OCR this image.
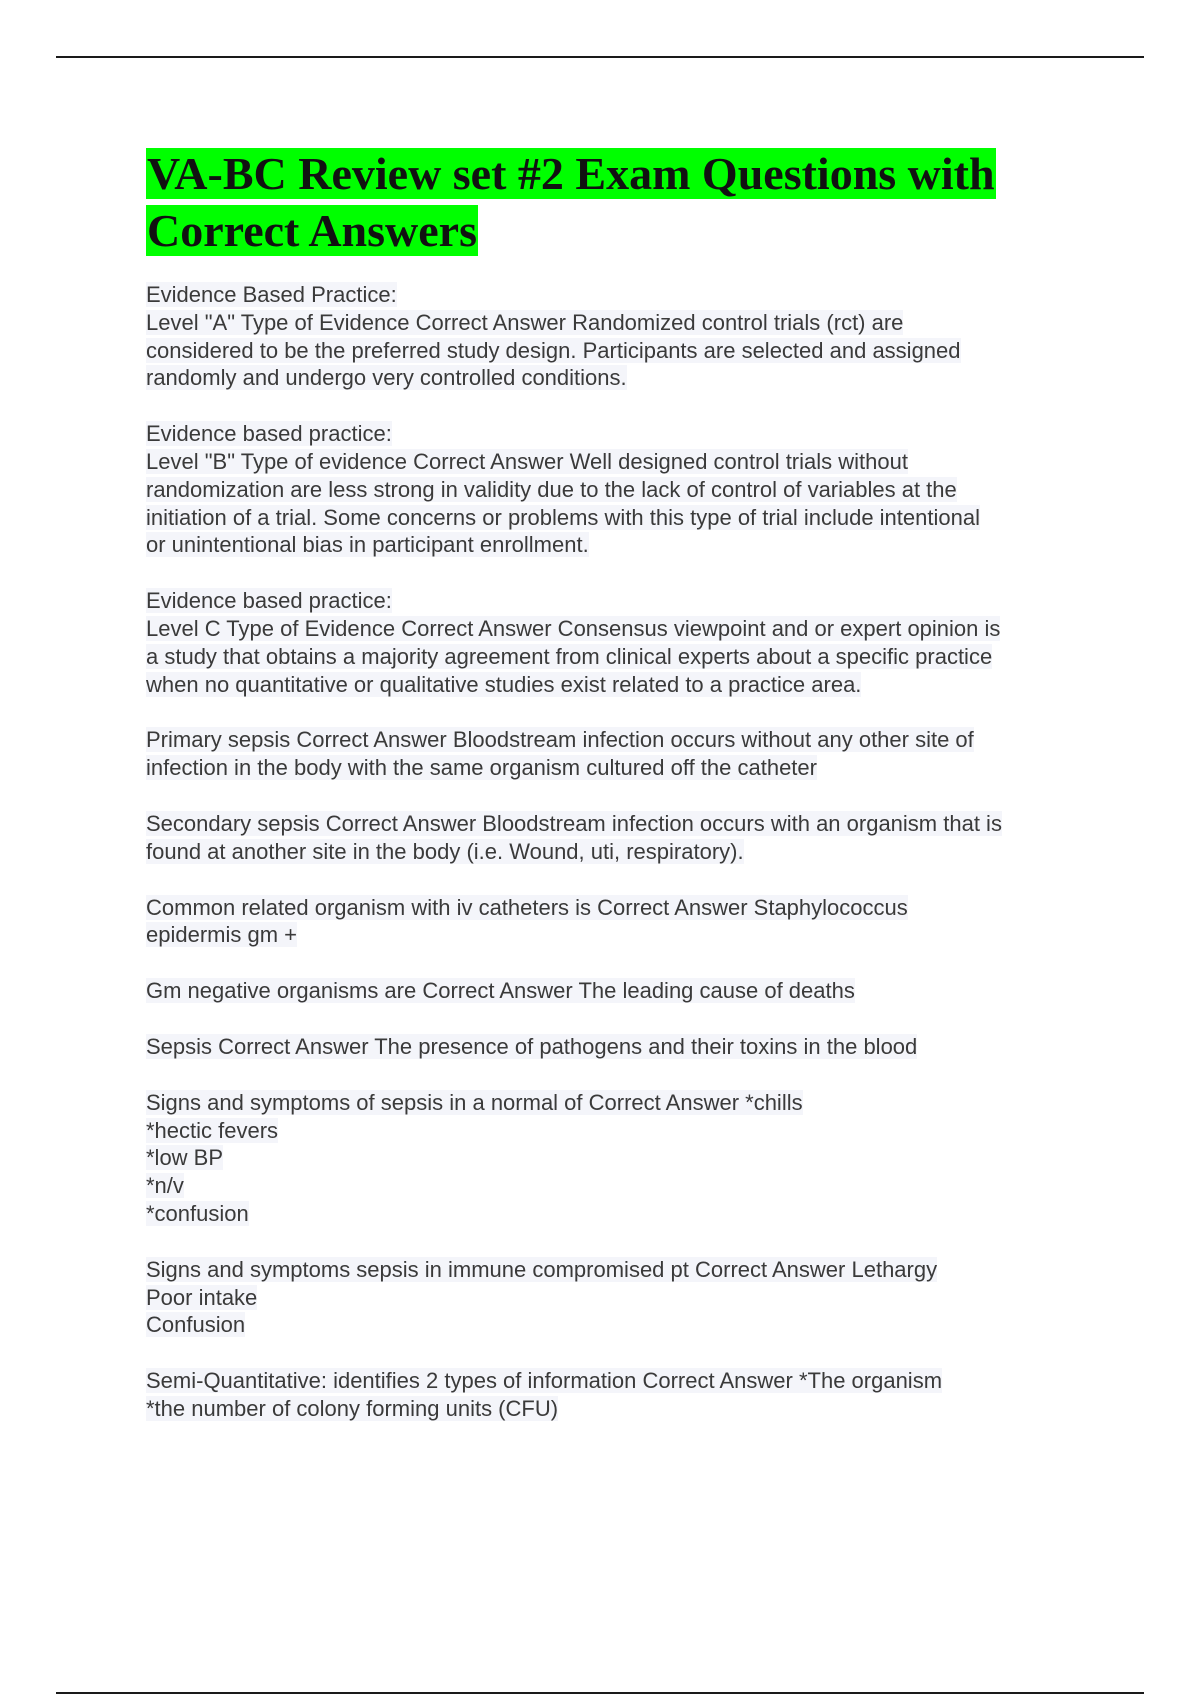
VA-BC Review set #2 Exam Questions with Correct Answers

Evidence Based Practice:
Level "A" Type of Evidence Correct Answer Randomized control trials (rct) are
considered to be the preferred study design. Participants are selected and assigned
randomly and undergo very controlled conditions.

Evidence based practice:
Level "B" Type of evidence Correct Answer Well designed control trials without
randomization are less strong in validity due to the lack of control of variables at the
initiation of a trial. Some concerns or problems with this type of trial include intentional
or unintentional bias in participant enrollment.

Evidence based practice:
Level C Type of Evidence Correct Answer Consensus viewpoint and or expert opinion is
a study that obtains a majority agreement from clinical experts about a specific practice
when no quantitative or qualitative studies exist related to a practice area.

Primary sepsis Correct Answer Bloodstream infection occurs without any other site of
infection in the body with the same organism cultured off the catheter

Secondary sepsis Correct Answer Bloodstream infection occurs with an organism that is
found at another site in the body (i.e. Wound, uti, respiratory).

Common related organism with iv catheters is Correct Answer Staphylococcus
epidermis gm +

Gm negative organisms are Correct Answer The leading cause of deaths

Sepsis Correct Answer The presence of pathogens and their toxins in the blood

Signs and symptoms of sepsis in a normal of Correct Answer *chills
*hectic fevers
*low BP
*n/v
*confusion

Signs and symptoms sepsis in immune compromised pt Correct Answer Lethargy
Poor intake
Confusion

Semi-Quantitative: identifies 2 types of information Correct Answer *The organism
*the number of colony forming units (CFU)
